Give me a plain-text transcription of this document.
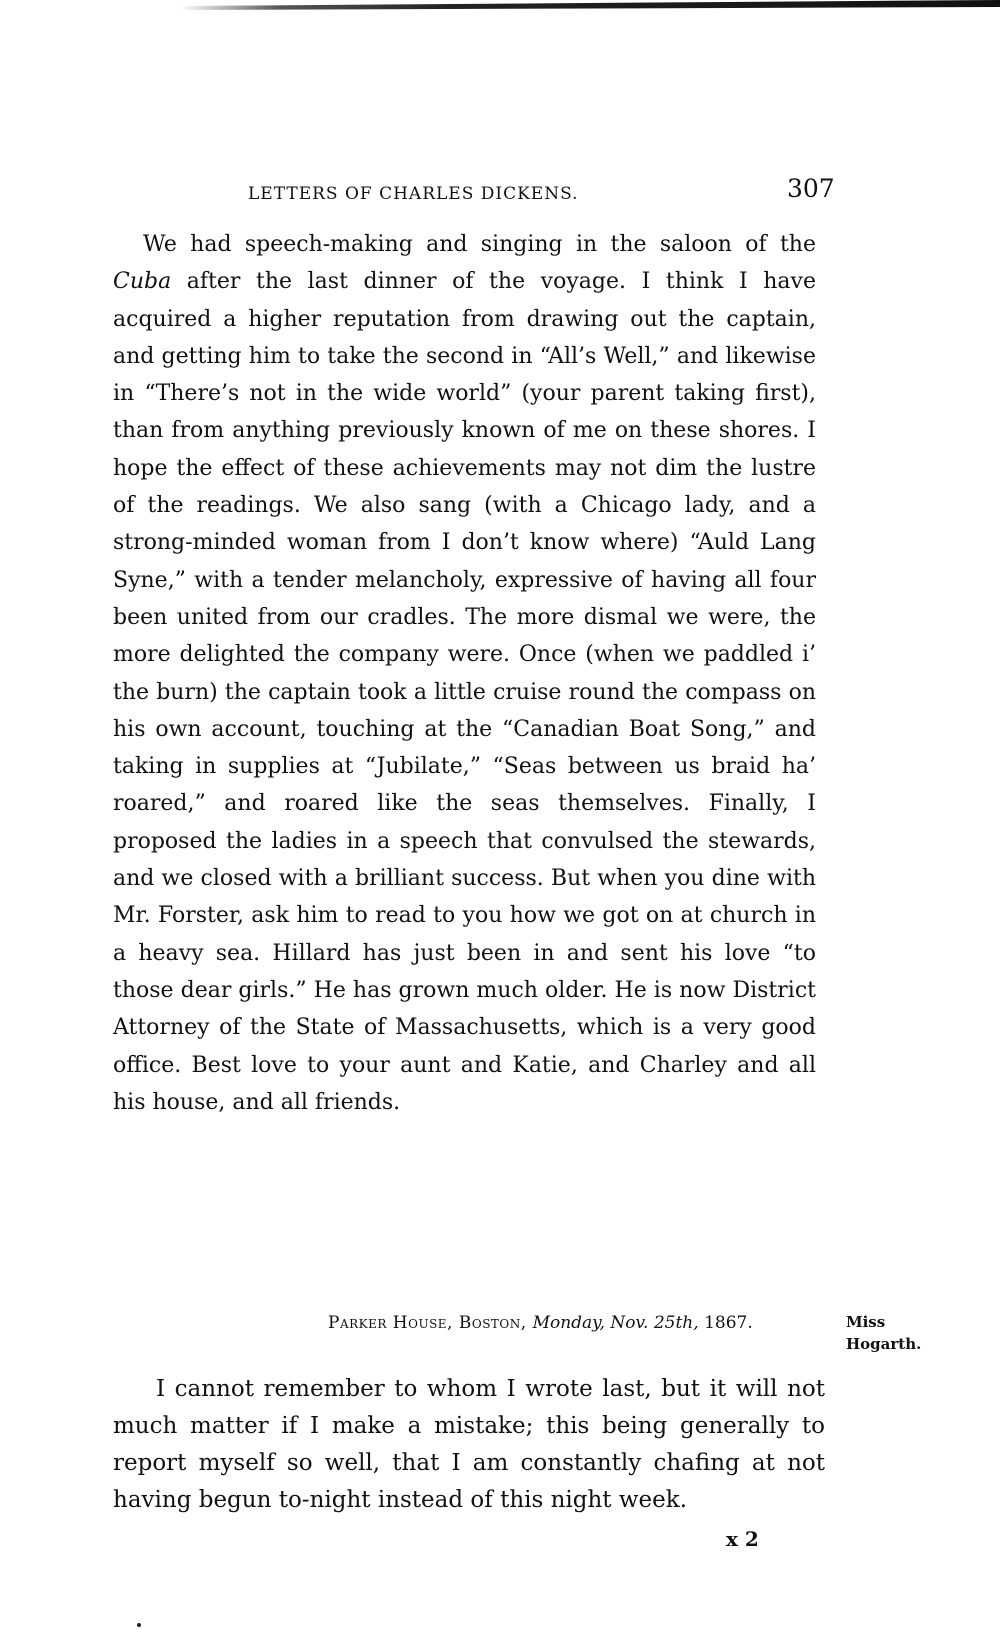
LETTERS OF CHARLES DICKENS.	307

We had speech-making and singing in the saloon of the Cuba after the last dinner of the voyage. I think I have acquired a higher reputation from drawing out the captain, and getting him to take the second in “All’s Well,” and likewise in “There’s not in the wide world” (your parent taking first), than from anything previously known of me on these shores. I hope the effect of these achievements may not dim the lustre of the readings. We also sang (with a Chicago lady, and a strong-minded woman from I don’t know where) “Auld Lang Syne,” with a tender melancholy, expressive of having all four been united from our cradles. The more dismal we were, the more delighted the company were. Once (when we paddled i’ the burn) the captain took a little cruise round the compass on his own account, touching at the “Canadian Boat Song,” and taking in supplies at “Jubilate,” “Seas between us braid ha’ roared,” and roared like the seas themselves. Finally, I proposed the ladies in a speech that convulsed the stewards, and we closed with a brilliant success. But when you dine with Mr. Forster, ask him to read to you how we got on at church in a heavy sea. Hillard has just been in and sent his love “to those dear girls.” He has grown much older. He is now District Attorney of the State of Massachusetts, which is a very good office. Best love to your aunt and Katie, and Charley and all his house, and all friends.

Parker House, Boston, Monday, Nov. 25th, 1867.	Miss
Hogarth.

I cannot remember to whom I wrote last, but it will not much matter if I make a mistake; this being generally to report myself so well, that I am constantly chafing at not having begun to-night instead of this night week.

x 2
